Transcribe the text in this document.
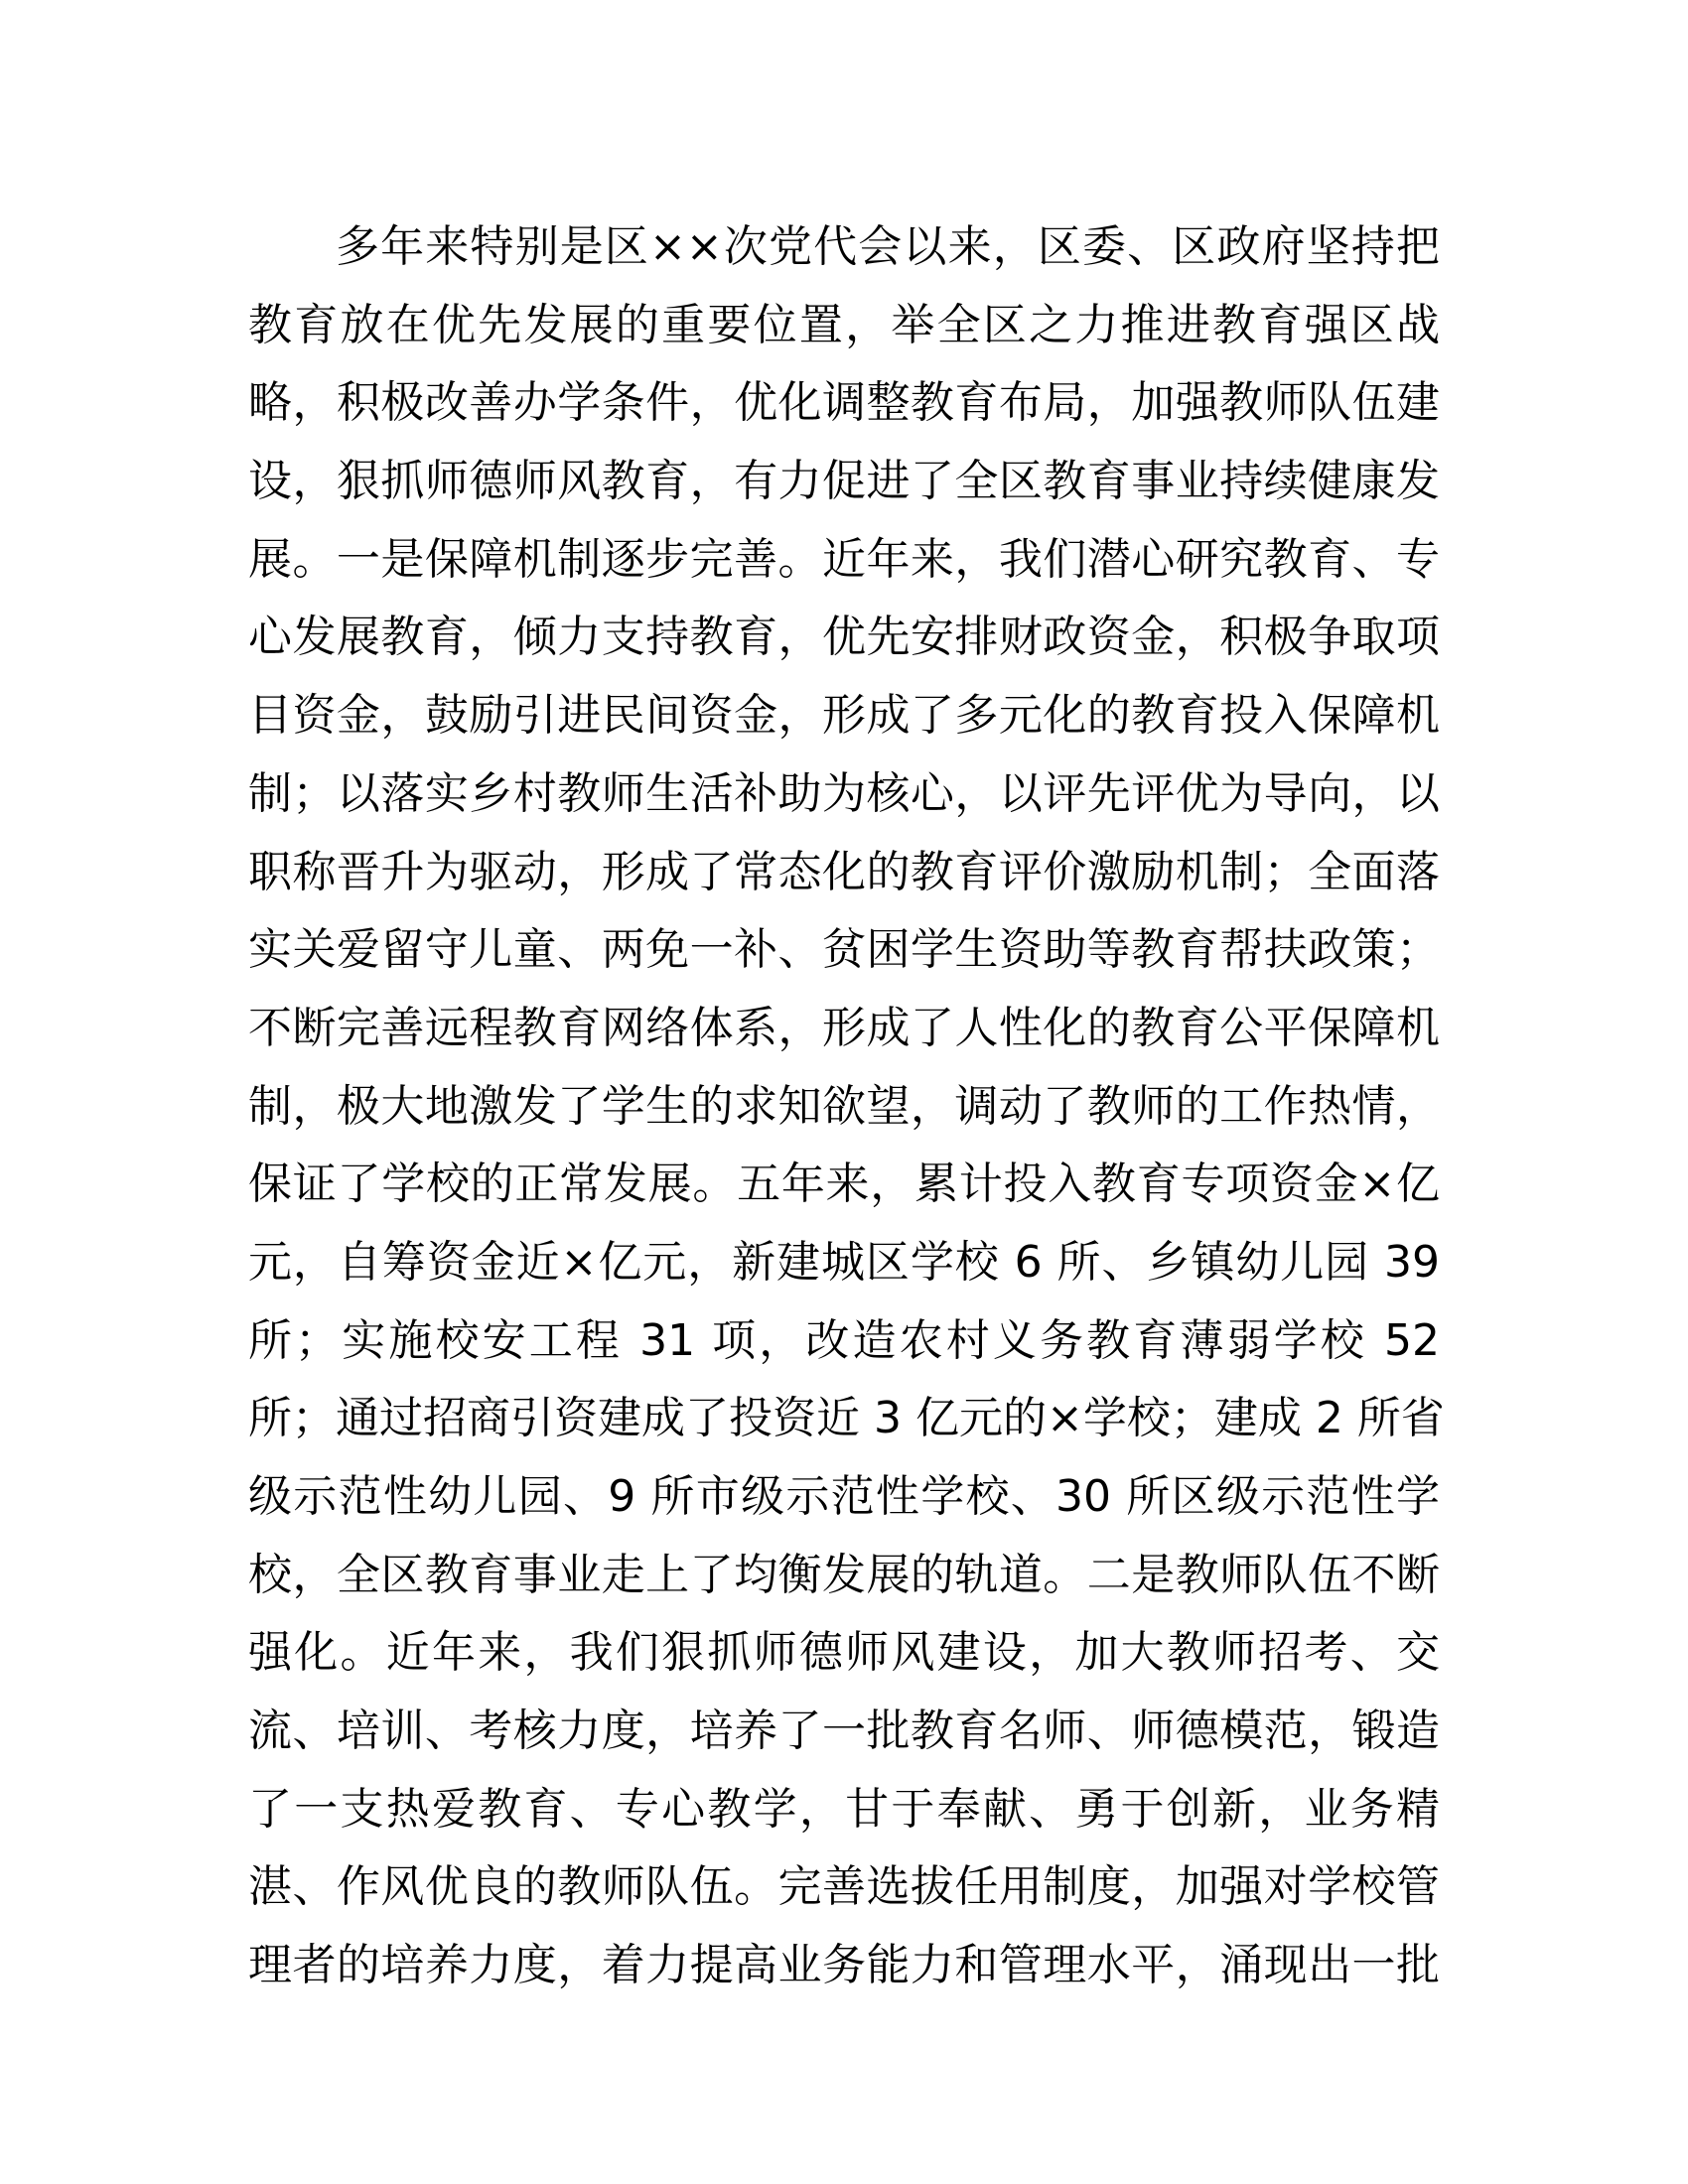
多年来特别是区××次党代会以来，区委、区政府坚持把
教育放在优先发展的重要位置，举全区之力推进教育强区战
略，积极改善办学条件，优化调整教育布局，加强教师队伍建
设，狠抓师德师风教育，有力促进了全区教育事业持续健康发
展。一是保障机制逐步完善。近年来，我们潜心研究教育、专
心发展教育，倾力支持教育，优先安排财政资金，积极争取项
目资金，鼓励引进民间资金，形成了多元化的教育投入保障机
制；以落实乡村教师生活补助为核心，以评先评优为导向，以
职称晋升为驱动，形成了常态化的教育评价激励机制；全面落
实关爱留守儿童、两免一补、贫困学生资助等教育帮扶政策；
不断完善远程教育网络体系，形成了人性化的教育公平保障机
制，极大地激发了学生的求知欲望，调动了教师的工作热情，
保证了学校的正常发展。五年来，累计投入教育专项资金×亿
元，自筹资金近×亿元，新建城区学校 6 所、乡镇幼儿园 39
所；实施校安工程 31 项，改造农村义务教育薄弱学校 52
所；通过招商引资建成了投资近 3 亿元的×学校；建成 2 所省
级示范性幼儿园、9 所市级示范性学校、30 所区级示范性学
校，全区教育事业走上了均衡发展的轨道。二是教师队伍不断
强化。近年来，我们狠抓师德师风建设，加大教师招考、交
流、培训、考核力度，培养了一批教育名师、师德模范，锻造
了一支热爱教育、专心教学，甘于奉献、勇于创新，业务精
湛、作风优良的教师队伍。完善选拔任用制度，加强对学校管
理者的培养力度，着力提高业务能力和管理水平，涌现出一批
